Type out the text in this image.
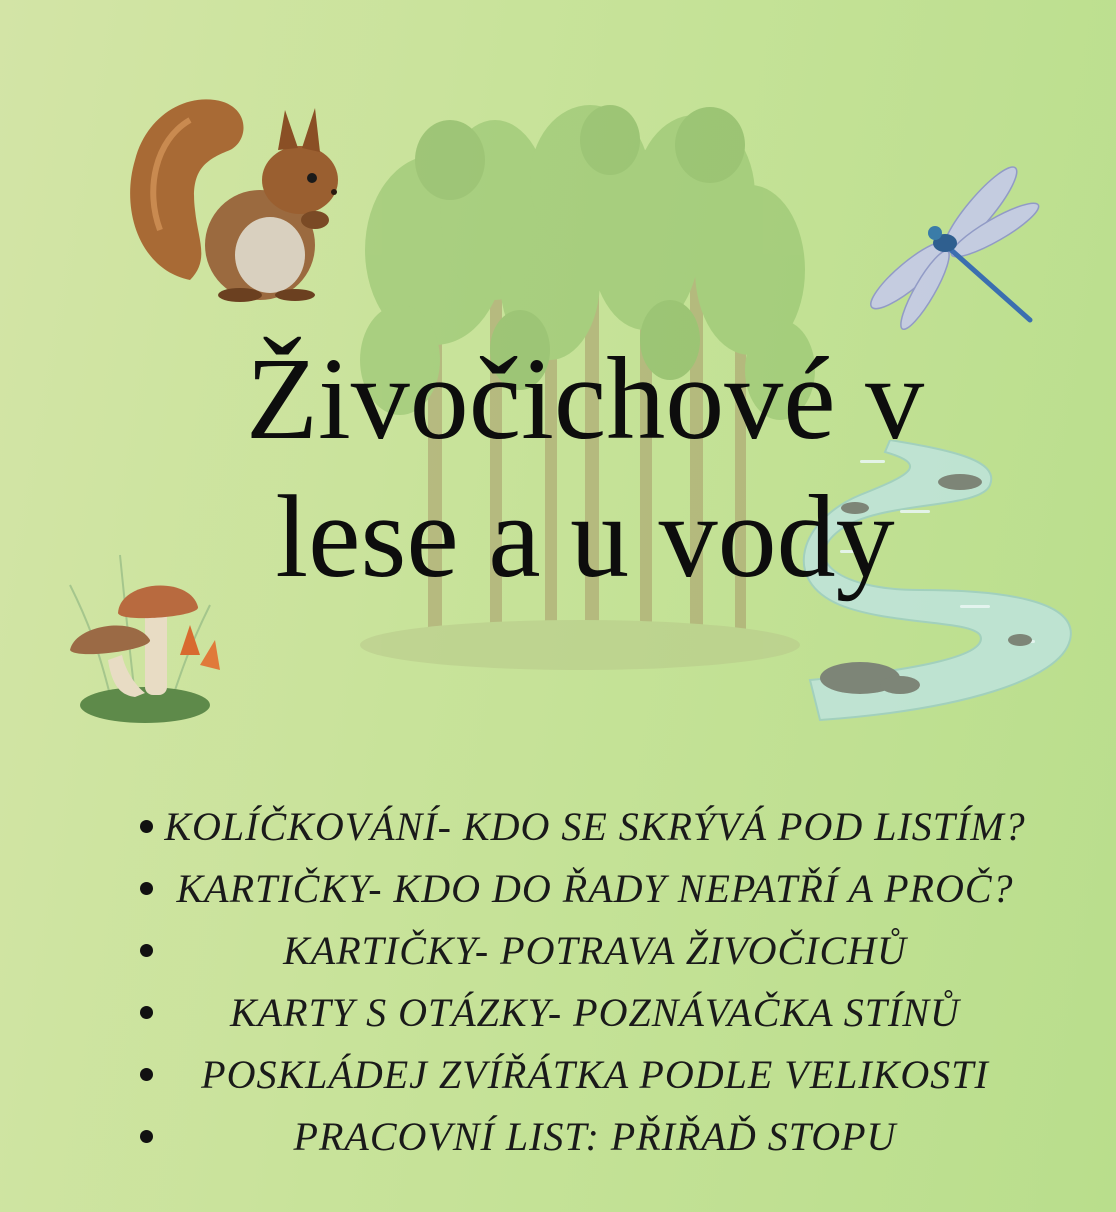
Živočichové v
lese a u vody
KOLÍČKOVÁNÍ- KDO SE SKRÝVÁ POD LISTÍM?
KARTIČKY- KDO DO ŘADY NEPATŘÍ A PROČ?
KARTIČKY- POTRAVA ŽIVOČICHŮ
KARTY S OTÁZKY- POZNÁVAČKA STÍNŮ
POSKLÁDEJ ZVÍŘÁTKA PODLE VELIKOSTI
PRACOVNÍ LIST: PŘIŘAĎ STOPU
